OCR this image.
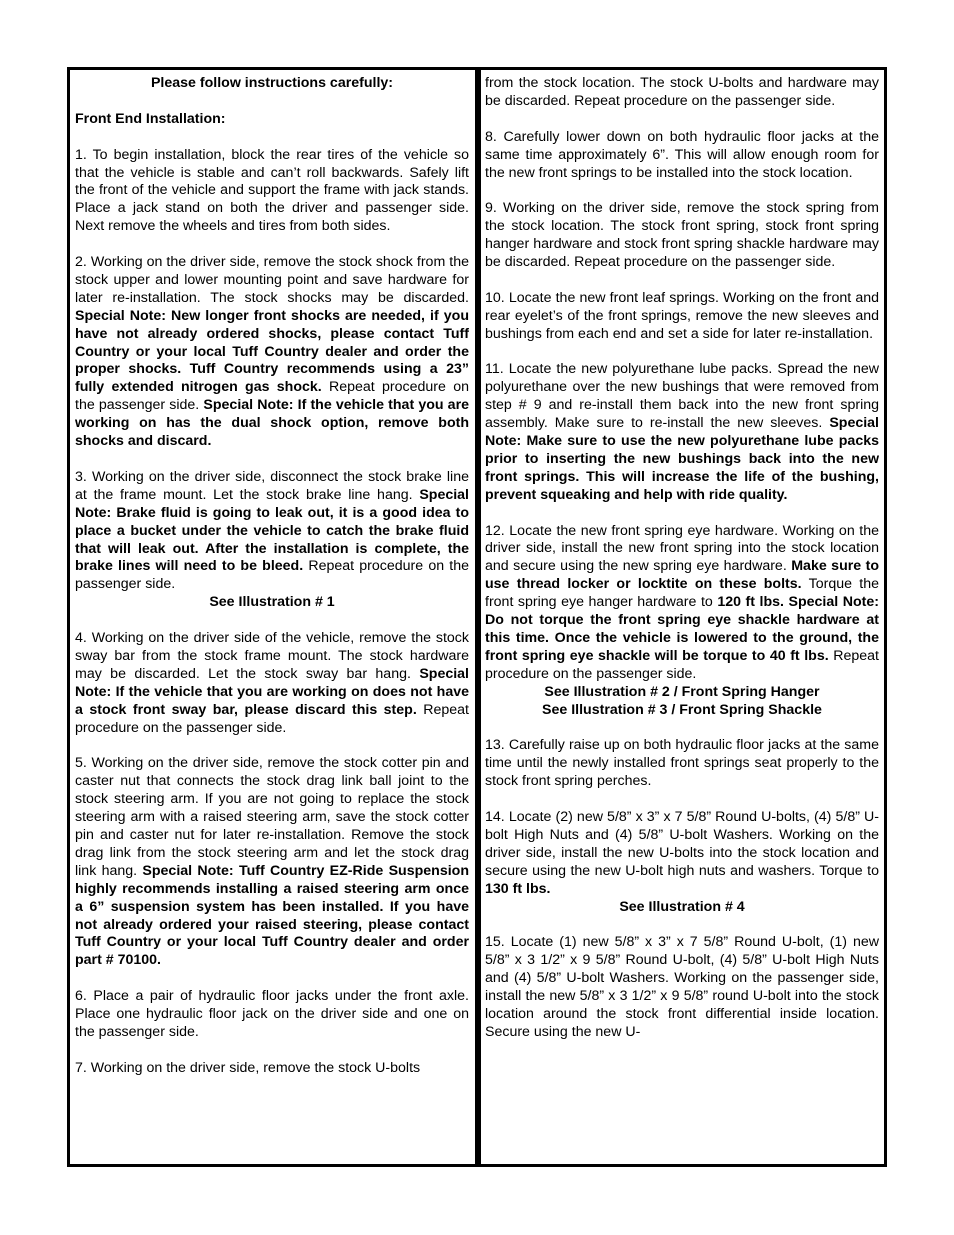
Please follow instructions carefully:

Front End Installation:

1. To begin installation, block the rear tires of the vehicle so that the vehicle is stable and can’t roll backwards. Safely lift the front of the vehicle and support the frame with jack stands. Place a jack stand on both the driver and passenger side. Next remove the wheels and tires from both sides.

2. Working on the driver side, remove the stock shock from the stock upper and lower mounting point and save hardware for later re-installation. The stock shocks may be discarded. Special Note: New longer front shocks are needed, if you have not already ordered shocks, please contact Tuff Country or your local Tuff Country dealer and order the proper shocks. Tuff Country recommends using a 23” fully extended nitrogen gas shock. Repeat procedure on the passenger side. Special Note: If the vehicle that you are working on has the dual shock option, remove both shocks and discard.

3. Working on the driver side, disconnect the stock brake line at the frame mount. Let the stock brake line hang. Special Note: Brake fluid is going to leak out, it is a good idea to place a bucket under the vehicle to catch the brake fluid that will leak out. After the installation is complete, the brake lines will need to be bleed. Repeat procedure on the passenger side.

See Illustration # 1

4. Working on the driver side of the vehicle, remove the stock sway bar from the stock frame mount. The stock hardware may be discarded. Let the stock sway bar hang. Special Note: If the vehicle that you are working on does not have a stock front sway bar, please discard this step. Repeat procedure on the passenger side.

5. Working on the driver side, remove the stock cotter pin and caster nut that connects the stock drag link ball joint to the stock steering arm. If you are not going to replace the stock steering arm with a raised steering arm, save the stock cotter pin and caster nut for later re-installation. Remove the stock drag link from the stock steering arm and let the stock drag link hang. Special Note: Tuff Country EZ-Ride Suspension highly recommends installing a raised steering arm once a 6” suspension system has been installed. If you have not already ordered your raised steering, please contact Tuff Country or your local Tuff Country dealer and order part # 70100.

6. Place a pair of hydraulic floor jacks under the front axle. Place one hydraulic floor jack on the driver side and one on the passenger side.

7. Working on the driver side, remove the stock U-bolts

from the stock location. The stock U-bolts and hardware may be discarded. Repeat procedure on the passenger side.

8. Carefully lower down on both hydraulic floor jacks at the same time approximately 6”. This will allow enough room for the new front springs to be installed into the stock location.

9. Working on the driver side, remove the stock spring from the stock location. The stock front spring, stock front spring hanger hardware and stock front spring shackle hardware may be discarded. Repeat procedure on the passenger side.

10. Locate the new front leaf springs. Working on the front and rear eyelet’s of the front springs, remove the new sleeves and bushings from each end and set a side for later re-installation.

11. Locate the new polyurethane lube packs. Spread the new polyurethane over the new bushings that were removed from step # 9 and re-install them back into the new front spring assembly. Make sure to re-install the new sleeves. Special Note: Make sure to use the new polyurethane lube packs prior to inserting the new bushings back into the new front springs. This will increase the life of the bushing, prevent squeaking and help with ride quality.

12. Locate the new front spring eye hardware. Working on the driver side, install the new front spring into the stock location and secure using the new spring eye hardware. Make sure to use thread locker or locktite on these bolts. Torque the front spring eye hanger hardware to 120 ft lbs. Special Note: Do not torque the front spring eye shackle hardware at this time. Once the vehicle is lowered to the ground, the front spring eye shackle will be torque to 40 ft lbs. Repeat procedure on the passenger side.

See Illustration # 2 / Front Spring Hanger

See Illustration # 3 / Front Spring Shackle

13. Carefully raise up on both hydraulic floor jacks at the same time until the newly installed front springs seat properly to the stock front spring perches.

14. Locate (2) new 5/8” x 3” x 7 5/8” Round U-bolts, (4) 5/8” U-bolt High Nuts and (4) 5/8” U-bolt Washers. Working on the driver side, install the new U-bolts into the stock location and secure using the new U-bolt high nuts and washers. Torque to 130 ft lbs.

See Illustration # 4

15. Locate (1) new 5/8” x 3” x 7 5/8” Round U-bolt, (1) new 5/8” x 3 1/2” x 9 5/8” Round U-bolt, (4) 5/8” U-bolt High Nuts and (4) 5/8” U-bolt Washers. Working on the passenger side, install the new 5/8” x 3 1/2” x 9 5/8” round U-bolt into the stock location around the stock front differential inside location. Secure using the new U-
